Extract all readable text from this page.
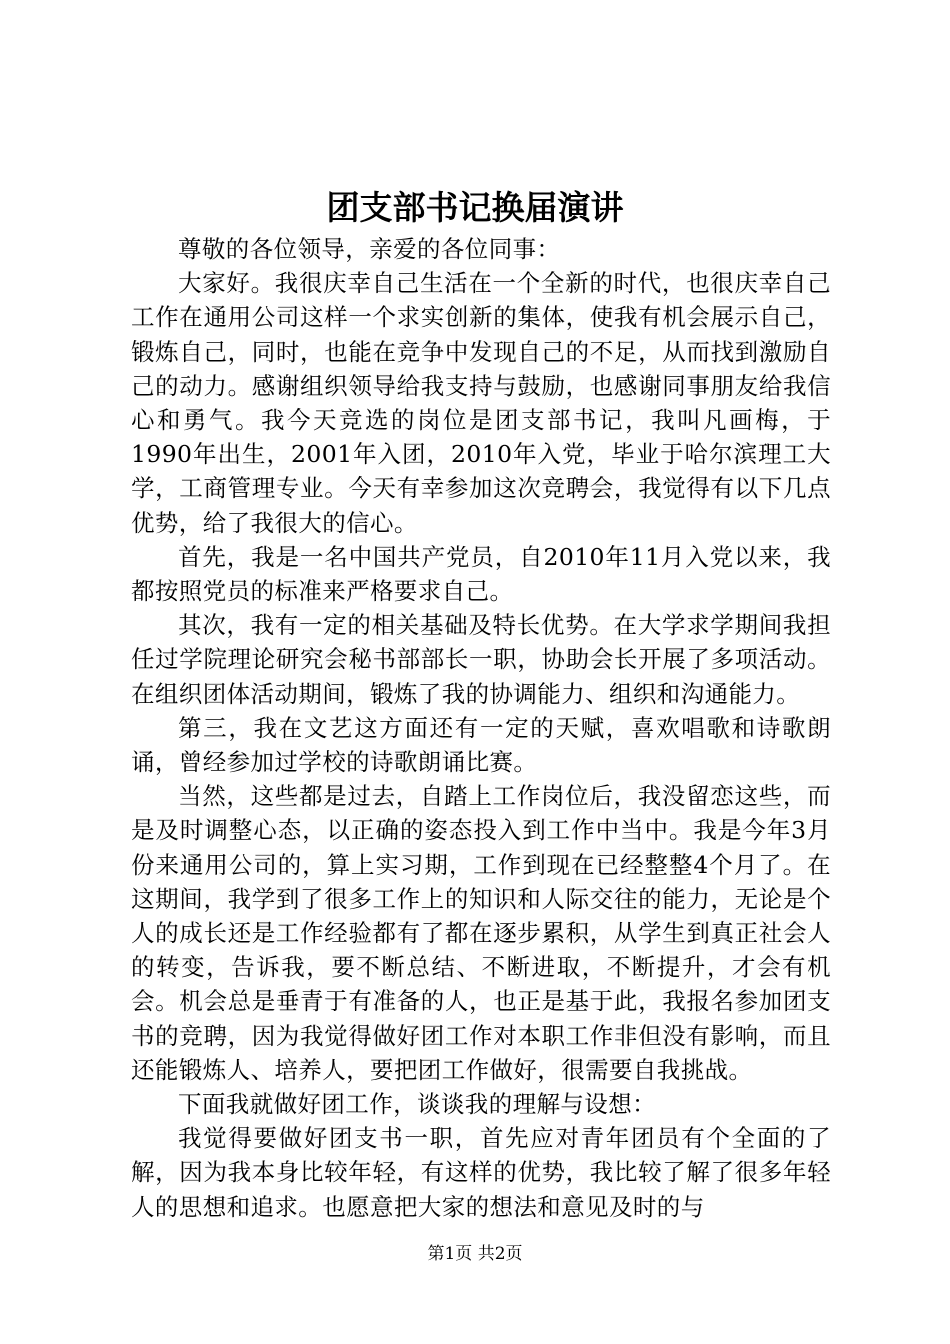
团支部书记换届演讲

尊敬的各位领导，亲爱的各位同事：

大家好。我很庆幸自己生活在一个全新的时代，也很庆幸自己工作在通用公司这样一个求实创新的集体，使我有机会展示自己，锻炼自己，同时，也能在竞争中发现自己的不足，从而找到激励自己的动力。感谢组织领导给我支持与鼓励，也感谢同事朋友给我信心和勇气。我今天竞选的岗位是团支部书记，我叫凡画梅，于1990年出生，2001年入团，2010年入党，毕业于哈尔滨理工大学，工商管理专业。今天有幸参加这次竞聘会，我觉得有以下几点优势，给了我很大的信心。

首先，我是一名中国共产党员，自2010年11月入党以来，我都按照党员的标准来严格要求自己。

其次，我有一定的相关基础及特长优势。在大学求学期间我担任过学院理论研究会秘书部部长一职，协助会长开展了多项活动。在组织团体活动期间，锻炼了我的协调能力、组织和沟通能力。

第三，我在文艺这方面还有一定的天赋，喜欢唱歌和诗歌朗诵，曾经参加过学校的诗歌朗诵比赛。

当然，这些都是过去，自踏上工作岗位后，我没留恋这些，而是及时调整心态，以正确的姿态投入到工作中当中。我是今年3月份来通用公司的，算上实习期，工作到现在已经整整4个月了。在这期间，我学到了很多工作上的知识和人际交往的能力，无论是个人的成长还是工作经验都有了都在逐步累积，从学生到真正社会人的转变，告诉我，要不断总结、不断进取，不断提升，才会有机会。机会总是垂青于有准备的人，也正是基于此，我报名参加团支书的竞聘，因为我觉得做好团工作对本职工作非但没有影响，而且还能锻炼人、培养人，要把团工作做好，很需要自我挑战。

下面我就做好团工作，谈谈我的理解与设想：

我觉得要做好团支书一职，首先应对青年团员有个全面的了解，因为我本身比较年轻，有这样的优势，我比较了解了很多年轻人的思想和追求。也愿意把大家的想法和意见及时的与

第1页 共2页
